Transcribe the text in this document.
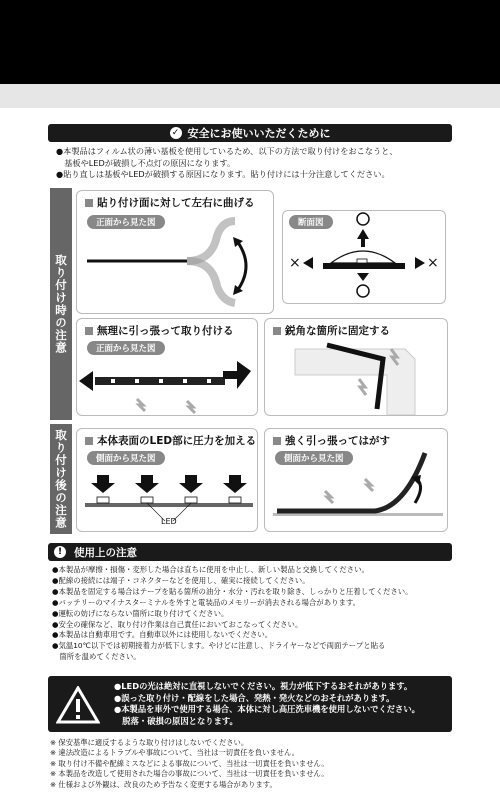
✓ 安全にお使いいただくために
●本製品はフィルム状の薄い基板を使用しているため、以下の方法で取り付けをおこなうと、
　基板やLEDが破損し不点灯の原因になります。
●貼り直しは基板やLEDが破損する原因になります。貼り付けには十分注意してください。
取り付け時の注意
取り付け後の注意
貼り付け面に対して左右に曲げる
正面から見た図	断面図
×	×
無理に引っ張って取り付ける
正面から見た図
鋭角な箇所に固定する
本体表面のLED部に圧力を加える
側面から見た図
LED
強く引っ張ってはがす
側面から見た図
!	使用上の注意
●本製品が摩擦・損傷・変形した場合は直ちに使用を中止し、新しい製品と交換してください。
●配線の接続には端子・コネクターなどを使用し、確実に接続してください。
●本製品を固定する場合はテープを貼る箇所の油分・水分・汚れを取り除き、しっかりと圧着してください。
●バッテリーのマイナスターミナルを外すと電装品のメモリーが消去される場合があります。
●運転の妨げにならない箇所に取り付けてください。
●安全の確保など、取り付け作業は自己責任においておこなってください。
●本製品は自動車用です。自動車以外には使用しないでください。
●気温10℃以下では初期接着力が低下します。やけどに注意し、ドライヤーなどで両面テープと貼る
　箇所を温めてください。
●LEDの光は絶対に直視しないでください。視力が低下するおそれがあります。
●誤った取り付け・配線をした場合、発熱・発火などのおそれがあります。
●本製品を車外で使用する場合、本体に対し高圧洗車機を使用しないでください。
　脱落・破損の原因となります。
※ 保安基準に適反するような取り付けはしないでください。
※ 違法改造によるトラブルや事故について、当社は一切責任を負いません。
※ 取り付け不備や配線ミスなどによる事故について、当社は一切責任を負いません。
※ 本製品を改造して使用された場合の事故について、当社は一切責任を負いません。
※ 仕様および外観は、改良のため予告なく変更する場合があります。
